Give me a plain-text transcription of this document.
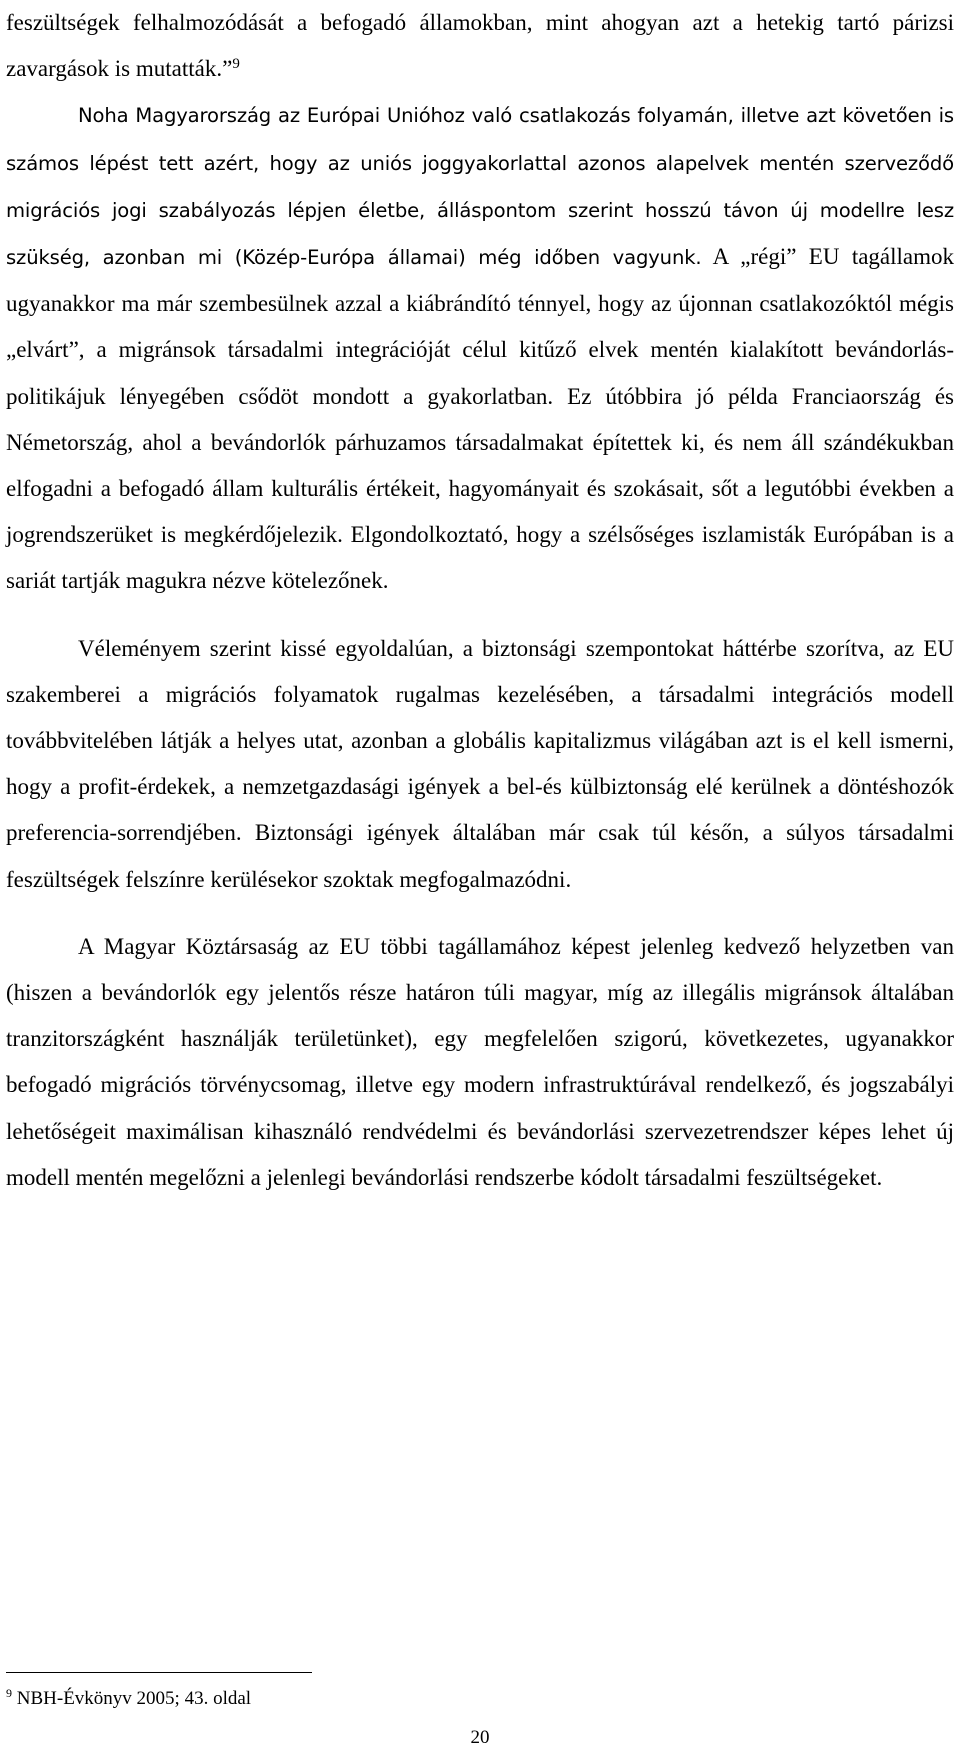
feszültségek felhalmozódását a befogadó államokban, mint ahogyan azt a hetekig tartó párizsi zavargások is mutatták.”$^9$

Noha Magyarország az Európai Unióhoz való csatlakozás folyamán, illetve azt követően is számos lépést tett azért, hogy az uniós joggyakorlattal azonos alapelvek mentén szerveződő migrációs jogi szabályozás lépjen életbe, álláspontom szerint hosszú távon új modellre lesz szükség, azonban mi (Közép-Európa államai) még időben vagyunk. A „régi” EU tagállamok ugyanakkor ma már szembesülnek azzal a kiábrándító ténnyel, hogy az újonnan csatlakozóktól mégis „elvárt”, a migránsok társadalmi integrációját célul kitűző elvek mentén kialakított bevándorlás-politikájuk lényegében csődöt mondott a gyakorlatban. Ez útóbbira jó példa Franciaország és Németország, ahol a bevándorlók párhuzamos társadalmakat építettek ki, és nem áll szándékukban elfogadni a befogadó állam kulturális értékeit, hagyományait és szokásait, sőt a legutóbbi években a jogrendszerüket is megkérdőjelezik. Elgondolkoztató, hogy a szélsőséges iszlamisták Európában is a sariát tartják magukra nézve kötelezőnek.

Véleményem szerint kissé egyoldalúan, a biztonsági szempontokat háttérbe szorítva, az EU szakemberei a migrációs folyamatok rugalmas kezelésében, a társadalmi integrációs modell továbbvitelében látják a helyes utat, azonban a globális kapitalizmus világában azt is el kell ismerni, hogy a profit-érdekek, a nemzetgazdasági igények a bel-és külbiztonság elé kerülnek a döntéshozók preferencia-sorrendjében. Biztonsági igények általában már csak túl későn, a súlyos társadalmi feszültségek felszínre kerülésekor szoktak megfogalmazódni.

A Magyar Köztársaság az EU többi tagállamához képest jelenleg kedvező helyzetben van (hiszen a bevándorlók egy jelentős része határon túli magyar, míg az illegális migránsok általában tranzitországként használják területünket), egy megfelelően szigorú, következetes, ugyanakkor befogadó migrációs törvénycsomag, illetve egy modern infrastruktúrával rendelkező, és jogszabályi lehetőségeit maximálisan kihasználó rendvédelmi és bevándorlási szervezetrendszer képes lehet új modell mentén megelőzni a jelenlegi bevándorlási rendszerbe kódolt társadalmi feszültségeket.

$^9$ NBH-Évkönyv 2005; 43. oldal
20
